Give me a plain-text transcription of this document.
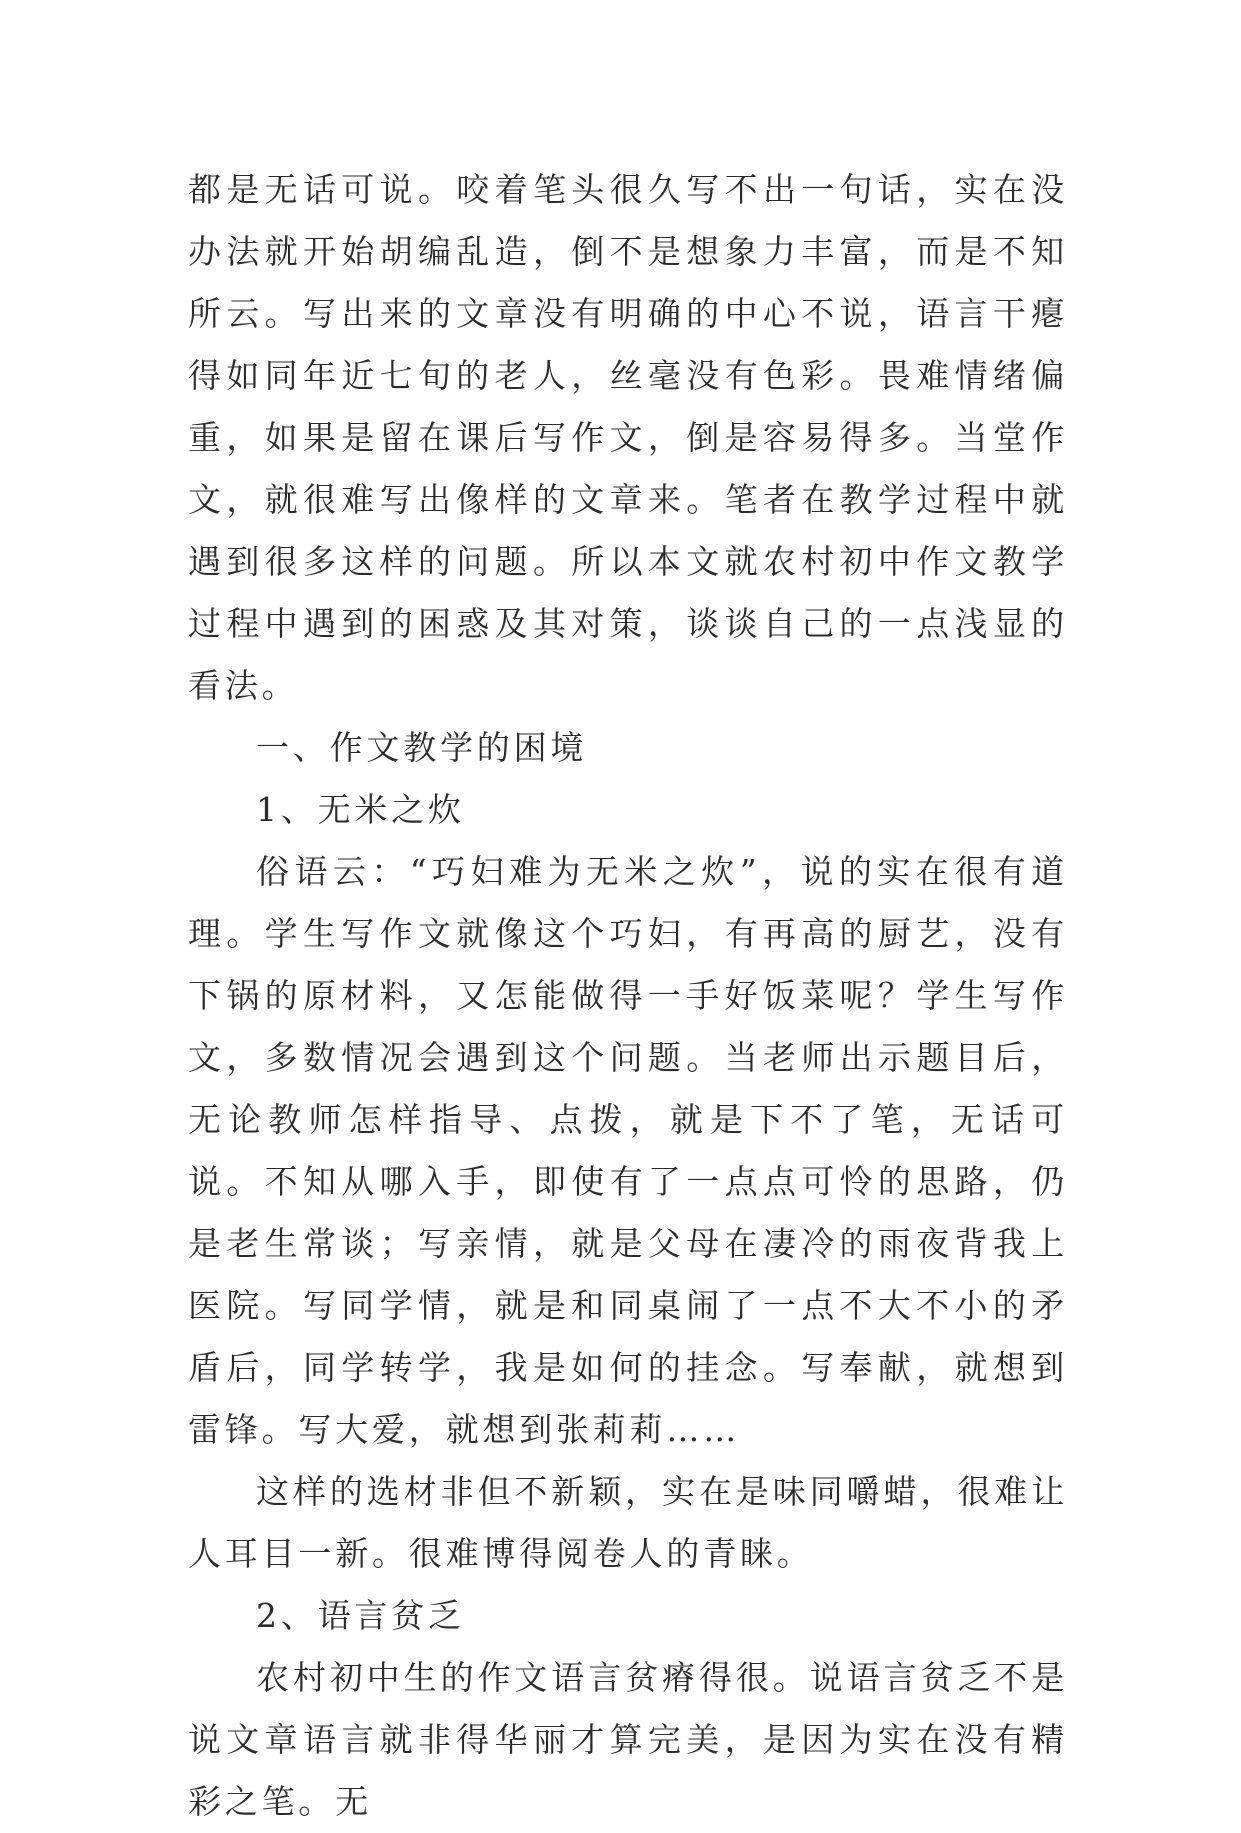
都是无话可说。咬着笔头很久写不出一句话，实在没办法就开始胡编乱造，倒不是想象力丰富，而是不知所云。写出来的文章没有明确的中心不说，语言干瘪得如同年近七旬的老人，丝毫没有色彩。畏难情绪偏重，如果是留在课后写作文，倒是容易得多。当堂作文，就很难写出像样的文章来。笔者在教学过程中就遇到很多这样的问题。所以本文就农村初中作文教学过程中遇到的困惑及其对策，谈谈自己的一点浅显的看法。

一、作文教学的困境

1、无米之炊

俗语云：“巧妇难为无米之炊”，说的实在很有道理。学生写作文就像这个巧妇，有再高的厨艺，没有下锅的原材料，又怎能做得一手好饭菜呢？学生写作文，多数情况会遇到这个问题。当老师出示题目后，无论教师怎样指导、点拨，就是下不了笔，无话可说。不知从哪入手，即使有了一点点可怜的思路，仍是老生常谈；写亲情，就是父母在凄冷的雨夜背我上医院。写同学情，就是和同桌闹了一点不大不小的矛盾后，同学转学，我是如何的挂念。写奉献，就想到雷锋。写大爱，就想到张莉莉……

这样的选材非但不新颖，实在是味同嚼蜡，很难让人耳目一新。很难博得阅卷人的青睐。

2、语言贫乏

农村初中生的作文语言贫瘠得很。说语言贫乏不是说文章语言就非得华丽才算完美，是因为实在没有精彩之笔。无
